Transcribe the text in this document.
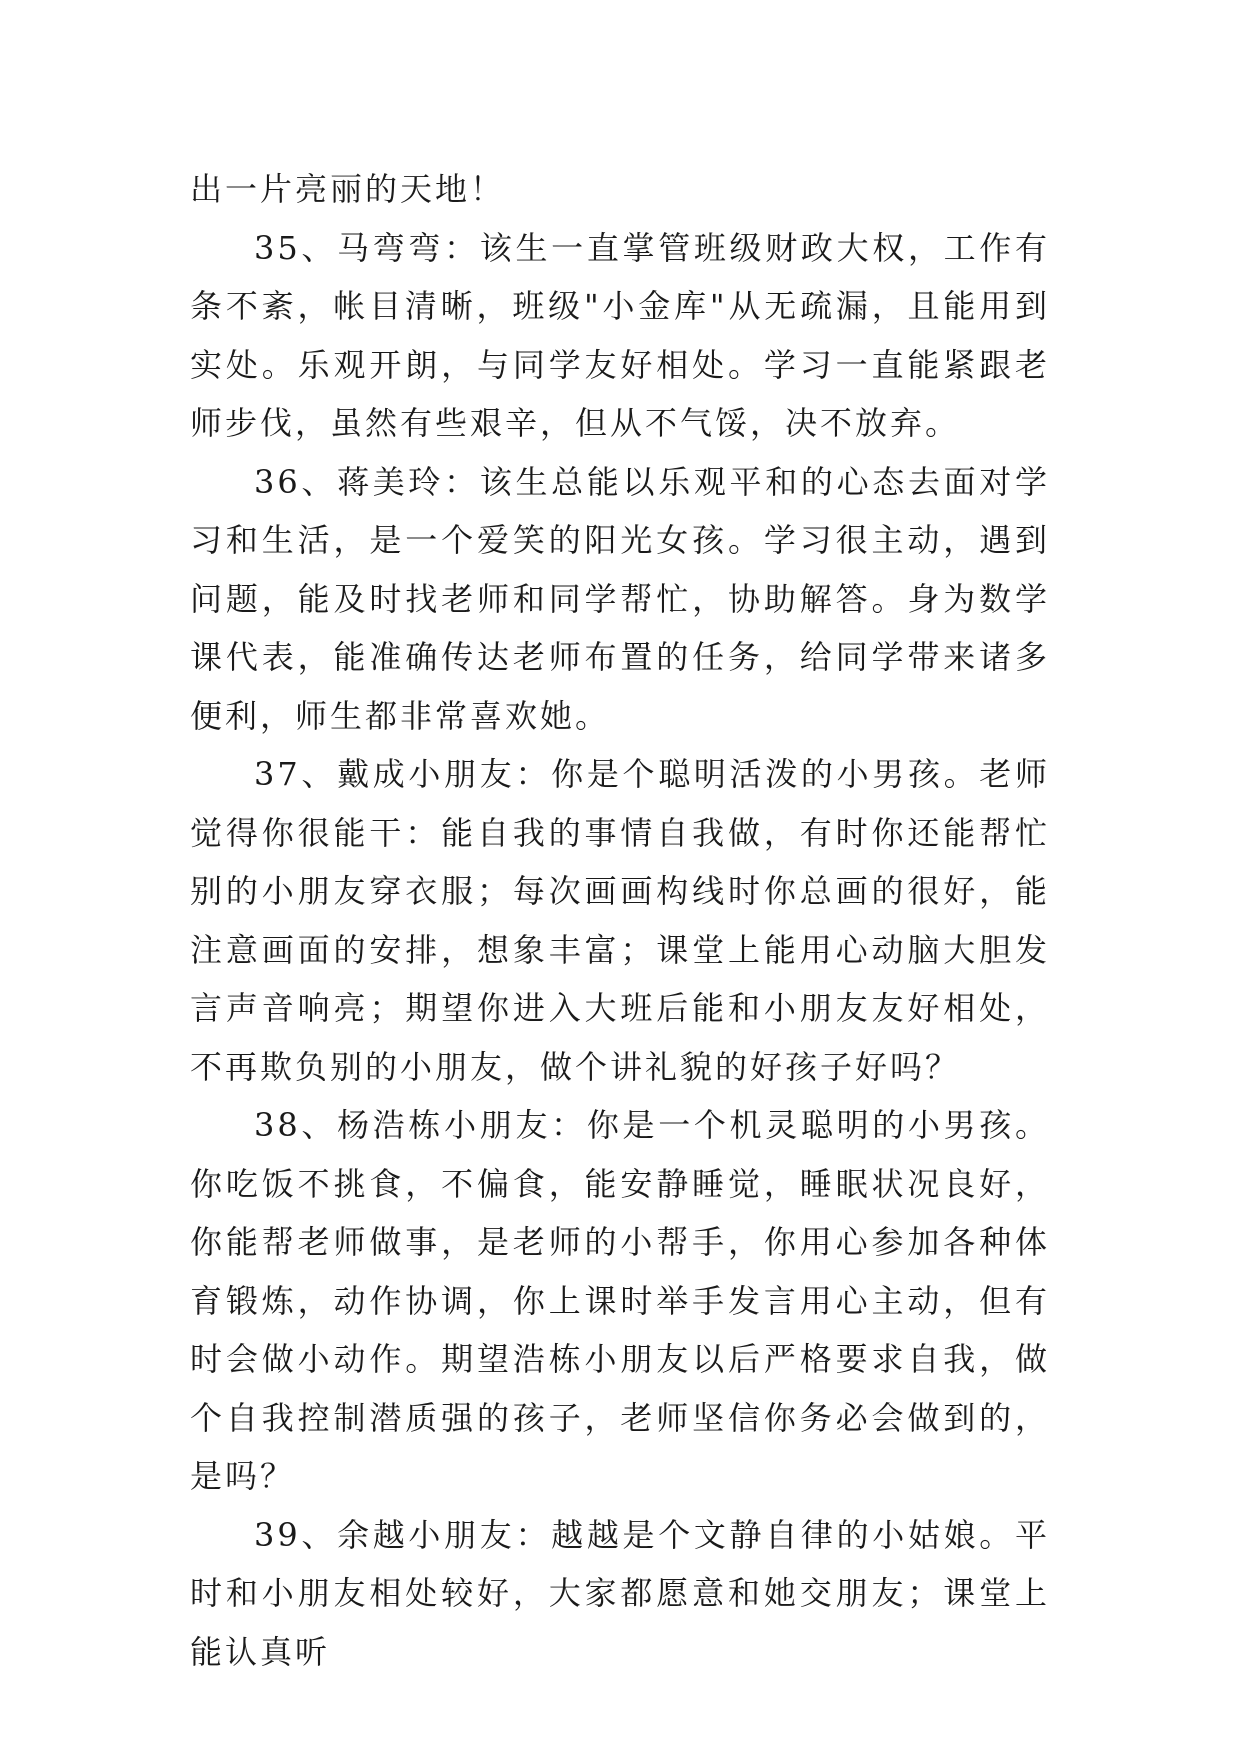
出一片亮丽的天地！

35、马弯弯：该生一直掌管班级财政大权，工作有条不紊，帐目清晰，班级"小金库"从无疏漏，且能用到实处。乐观开朗，与同学友好相处。学习一直能紧跟老师步伐，虽然有些艰辛，但从不气馁，决不放弃。

36、蒋美玲：该生总能以乐观平和的心态去面对学习和生活，是一个爱笑的阳光女孩。学习很主动，遇到问题，能及时找老师和同学帮忙，协助解答。身为数学课代表，能准确传达老师布置的任务，给同学带来诸多便利，师生都非常喜欢她。

37、戴成小朋友：你是个聪明活泼的小男孩。老师觉得你很能干：能自我的事情自我做，有时你还能帮忙别的小朋友穿衣服；每次画画构线时你总画的很好，能注意画面的安排，想象丰富；课堂上能用心动脑大胆发言声音响亮；期望你进入大班后能和小朋友友好相处，不再欺负别的小朋友，做个讲礼貌的好孩子好吗？

38、杨浩栋小朋友：你是一个机灵聪明的小男孩。你吃饭不挑食，不偏食，能安静睡觉，睡眠状况良好，你能帮老师做事，是老师的小帮手，你用心参加各种体育锻炼，动作协调，你上课时举手发言用心主动，但有时会做小动作。期望浩栋小朋友以后严格要求自我，做个自我控制潜质强的孩子，老师坚信你务必会做到的，是吗？

39、余越小朋友：越越是个文静自律的小姑娘。平时和小朋友相处较好，大家都愿意和她交朋友；课堂上能认真听
